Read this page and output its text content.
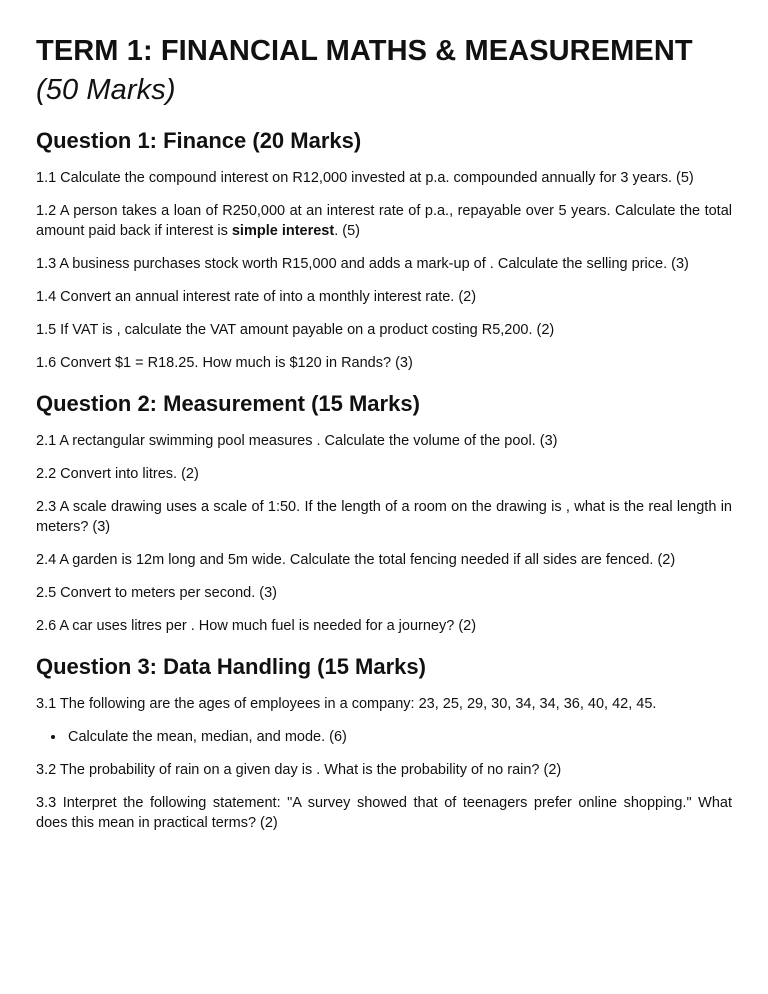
TERM 1: FINANCIAL MATHS & MEASUREMENT
(50 Marks)
Question 1: Finance (20 Marks)

1.1 Calculate the compound interest on R12,000 invested at p.a. compounded annually for 3 years. (5)

1.2 A person takes a loan of R250,000 at an interest rate of p.a., repayable over 5 years. Calculate the total amount paid back if interest is simple interest. (5)

1.3 A business purchases stock worth R15,000 and adds a mark-up of . Calculate the selling price. (3)

1.4 Convert an annual interest rate of into a monthly interest rate. (2)

1.5 If VAT is , calculate the VAT amount payable on a product costing R5,200. (2)

1.6 Convert $1 = R18.25. How much is $120 in Rands? (3)

Question 2: Measurement (15 Marks)

2.1 A rectangular swimming pool measures . Calculate the volume of the pool. (3)

2.2 Convert into litres. (2)

2.3 A scale drawing uses a scale of 1:50. If the length of a room on the drawing is , what is the real length in meters? (3)

2.4 A garden is 12m long and 5m wide. Calculate the total fencing needed if all sides are fenced. (2)

2.5 Convert to meters per second. (3)

2.6 A car uses litres per . How much fuel is needed for a journey? (2)

Question 3: Data Handling (15 Marks)

3.1 The following are the ages of employees in a company: 23, 25, 29, 30, 34, 34, 36, 40, 42, 45.

• Calculate the mean, median, and mode. (6)

3.2 The probability of rain on a given day is . What is the probability of no rain? (2)

3.3 Interpret the following statement: "A survey showed that of teenagers prefer online shopping." What does this mean in practical terms? (2)
